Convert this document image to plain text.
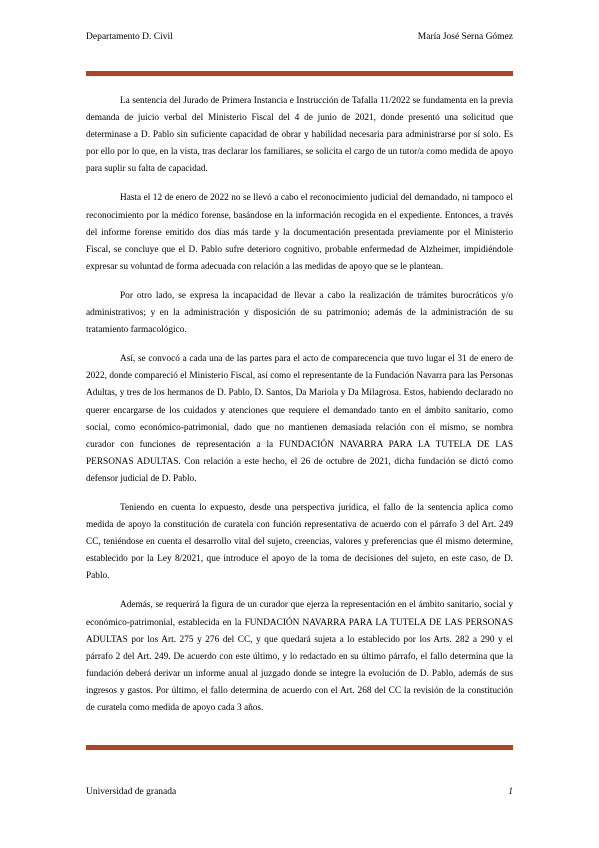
Departamento D. Civil	María José Serna Gómez

La sentencia del Jurado de Primera Instancia e Instrucción de Tafalla 11/2022 se fundamenta en la previa demanda de juicio verbal del Ministerio Fiscal del 4 de junio de 2021, donde presentó una solicitud que determinase a D. Pablo sin suficiente capacidad de obrar y habilidad necesaria para administrarse por sí solo. Es por ello por lo que, en la vista, tras declarar los familiares, se solicita el cargo de un tutor/a como medida de apoyo para suplir su falta de capacidad.

Hasta el 12 de enero de 2022 no se llevó a cabo el reconocimiento judicial del demandado, ni tampoco el reconocimiento por la médico forense, basándose en la información recogida en el expediente. Entonces, a través del informe forense emitido dos días más tarde y la documentación presentada previamente por el Ministerio Fiscal, se concluye que el D. Pablo sufre deterioro cognitivo, probable enfermedad de Alzheimer, impidiéndole expresar su voluntad de forma adecuada con relación a las medidas de apoyo que se le plantean.

Por otro lado, se expresa la incapacidad de llevar a cabo la realización de trámites burocráticos y/o administrativos; y en la administración y disposición de su patrimonio; además de la administración de su tratamiento farmacológico.

Así, se convocó a cada una de las partes para el acto de comparecencia que tuvo lugar el 31 de enero de 2022, donde compareció el Ministerio Fiscal, así como el representante de la Fundación Navarra para las Personas Adultas, y tres de los hermanos de D. Pablo, D. Santos, Da Mariola y Da Milagrosa. Estos, habiendo declarado no querer encargarse de los cuidados y atenciones que requiere el demandado tanto en el ámbito sanitario, como social, como económico-patrimonial, dado que no mantienen demasiada relación con el mismo, se nombra curador con funciones de representación a la FUNDACIÓN NAVARRA PARA LA TUTELA DE LAS PERSONAS ADULTAS. Con relación a este hecho, el 26 de octubre de 2021, dicha fundación se dictó como defensor judicial de D. Pablo.

Teniendo en cuenta lo expuesto, desde una perspectiva jurídica, el fallo de la sentencia aplica como medida de apoyo la constitución de curatela con función representativa de acuerdo con el párrafo 3 del Art. 249 CC, teniéndose en cuenta el desarrollo vital del sujeto, creencias, valores y preferencias que él mismo determine, establecido por la Ley 8/2021, que introduce el apoyo de la toma de decisiones del sujeto, en este caso, de D. Pablo.

Además, se requerirá la figura de un curador que ejerza la representación en el ámbito sanitario, social y económico-patrimonial, establecida en la FUNDACIÓN NAVARRA PARA LA TUTELA DE LAS PERSONAS ADULTAS por los Art. 275 y 276 del CC, y que quedará sujeta a lo establecido por los Arts. 282 a 290 y el párrafo 2 del Art. 249. De acuerdo con este último, y lo redactado en su último párrafo, el fallo determina que la fundación deberá derivar un informe anual al juzgado donde se integre la evolución de D. Pablo, además de sus ingresos y gastos. Por último, el fallo determina de acuerdo con el Art. 268 del CC la revisión de la constitución de curatela como medida de apoyo cada 3 años.

Universidad de granada	1
